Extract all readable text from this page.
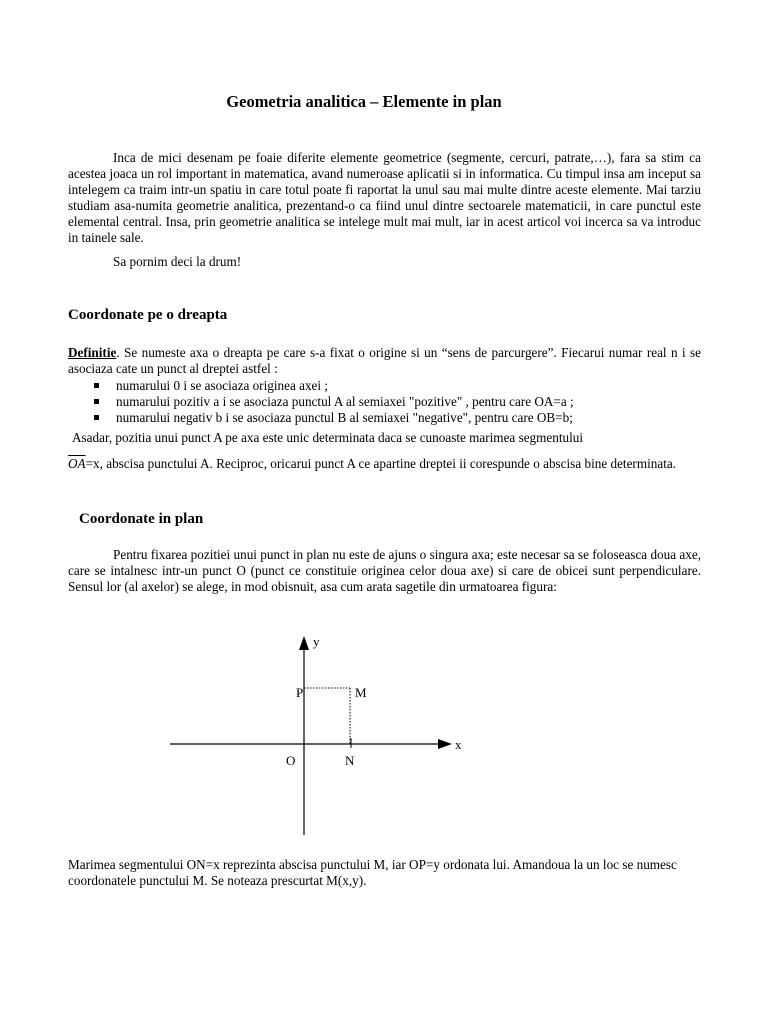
Geometria analitica – Elemente in plan
Inca de mici desenam pe foaie diferite elemente geometrice (segmente, cercuri, patrate,…), fara sa stim ca acestea joaca un rol important in matematica, avand numeroase aplicatii si in informatica. Cu timpul insa am inceput sa intelegem ca traim intr-un spatiu in care totul poate fi raportat la unul sau mai multe dintre aceste elemente. Mai tarziu studiam asa-numita geometrie analitica, prezentand-o ca fiind unul dintre sectoarele matematicii, in care punctul este elemental central. Insa, prin geometrie analitica se intelege mult mai mult, iar in acest articol voi incerca sa va introduc in tainele sale.
Sa pornim deci la drum!
Coordonate pe o dreapta
Definitie. Se numeste axa o dreapta pe care s-a fixat o origine si un “sens de parcurgere”. Fiecarui numar real n i se asociaza cate un punct al dreptei astfel :
numarului 0 i se asociaza originea axei ;
numarului pozitiv a i se asociaza punctul A al semiaxei "pozitive" , pentru care OA=a ;
numarului negativ b i se asociaza punctul B al semiaxei "negative", pentru care OB=b;
Asadar, pozitia unui punct A pe axa este unic determinata daca se cunoaste marimea segmentului
$\overline{OA}=x$, abscisa punctului A. Reciproc, oricarui punct A ce apartine dreptei ii corespunde o abscisa bine determinata.
Coordonate in plan
Pentru fixarea pozitiei unui punct in plan nu este de ajuns o singura axa; este necesar sa se foloseasca doua axe, care se intalnesc intr-un punct O (punct ce constituie originea celor doua axe) si care de obicei sunt perpendiculare. Sensul lor (al axelor) se alege, in mod obisnuit, asa cum arata sagetile din urmatoarea figura:
y
x
O
P	M
N
Marimea segmentului ON=x reprezinta abscisa punctului M, iar OP=y ordonata lui. Amandoua la un loc se numesc coordonatele punctului M. Se noteaza prescurtat M(x,y).
